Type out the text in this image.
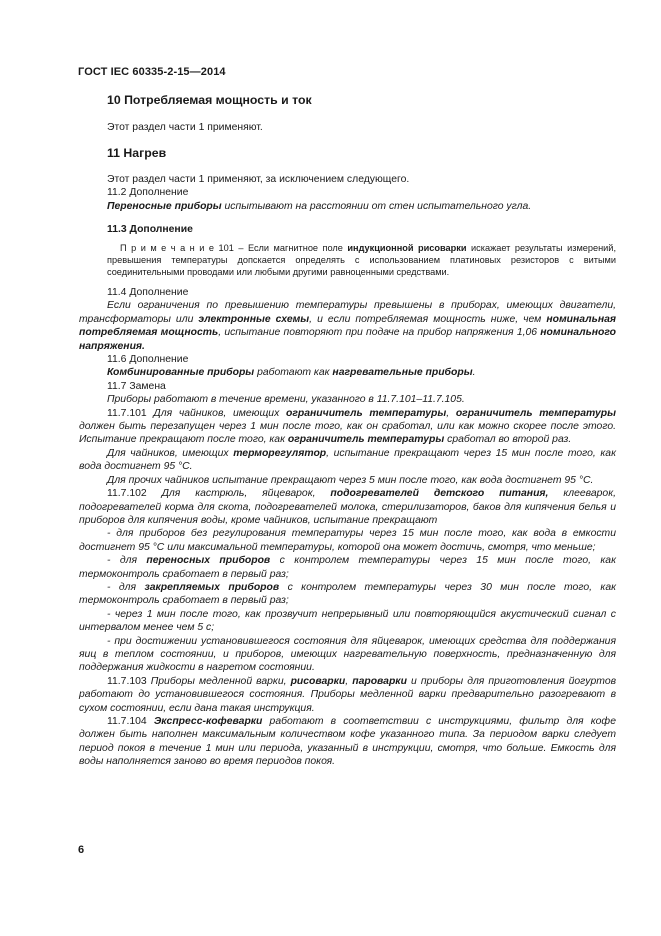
ГОСТ IEC 60335-2-15—2014
10 Потребляемая мощность и ток
Этот раздел части 1 применяют.
11 Нагрев
Этот раздел части 1 применяют, за исключением следующего.
11.2 Дополнение
Переносные приборы испытывают на расстоянии от стен испытательного угла.
11.3 Дополнение
П р и м е ч а н и е 101 – Если магнитное поле индукционной рисоварки искажает результаты измерений, превышения температуры допскается определять с использованием платиновых резисторов с витыми соединительными проводами или любыми другими равноценными средствами.

11.4 Дополнение

Если ограничения по превышению температуры превышены в приборах, имеющих двигатели, трансформаторы или электронные схемы, и если потребляемая мощность ниже, чем номинальная потребляемая мощность, испытание повторяют при подаче на прибор напряжения 1,06 номинального напряжения.

11.6 Дополнение

Комбинированные приборы работают как нагревательные приборы.

11.7 Замена

Приборы работают в течение времени, указанного в 11.7.101–11.7.105.

11.7.101 Для чайников, имеющих ограничитель температуры, ограничитель температуры должен быть перезапущен через 1 мин после того, как он сработал, или как можно скорее после этого. Испытание прекращают после того, как ограничитель температуры сработал во второй раз.

Для чайников, имеющих терморегулятор, испытание прекращают через 15 мин после того, как вода достигнет 95 °С.

Для прочих чайников испытание прекращают через 5 мин после того, как вода достигнет 95 °С.

11.7.102 Для кастрюль, яйцеварок, подогревателей детского питания, клееварок, подогревателей корма для скота, подогревателей молока, стерилизаторов, баков для кипячения белья и приборов для кипячения воды, кроме чайников, испытание прекращают

- для приборов без регулирования температуры через 15 мин после того, как вода в емкости достигнет 95 °С или максимальной температуры, которой она может достичь, смотря, что меньше;

- для переносных приборов с контролем температуры через 15 мин после того, как термоконтроль сработает в первый раз;

- для закрепляемых приборов с контролем температуры через 30 мин после того, как термоконтроль сработает в первый раз;

- через 1 мин после того, как прозвучит непрерывный или повторяющийся акустический сигнал с интервалом менее чем 5 с;

- при достижении установившегося состояния для яйцеварок, имеющих средства для поддержания яиц в теплом состоянии, и приборов, имеющих нагревательную поверхность, предназначенную для поддержания жидкости в нагретом состоянии.

11.7.103 Приборы медленной варки, рисоварки, пароварки и приборы для приготовления йогуртов работают до установившегося состояния. Приборы медленной варки предварительно разогревают в сухом состоянии, если дана такая инструкция.

11.7.104 Экспресс-кофеварки работают в соответствии с инструкциями, фильтр для кофе должен быть наполнен максимальным количеством кофе указанного типа. За периодом варки следует период покоя в течение 1 мин или периода, указанный в инструкции, смотря, что больше. Емкость для воды наполняется заново во время периодов покоя.

6
